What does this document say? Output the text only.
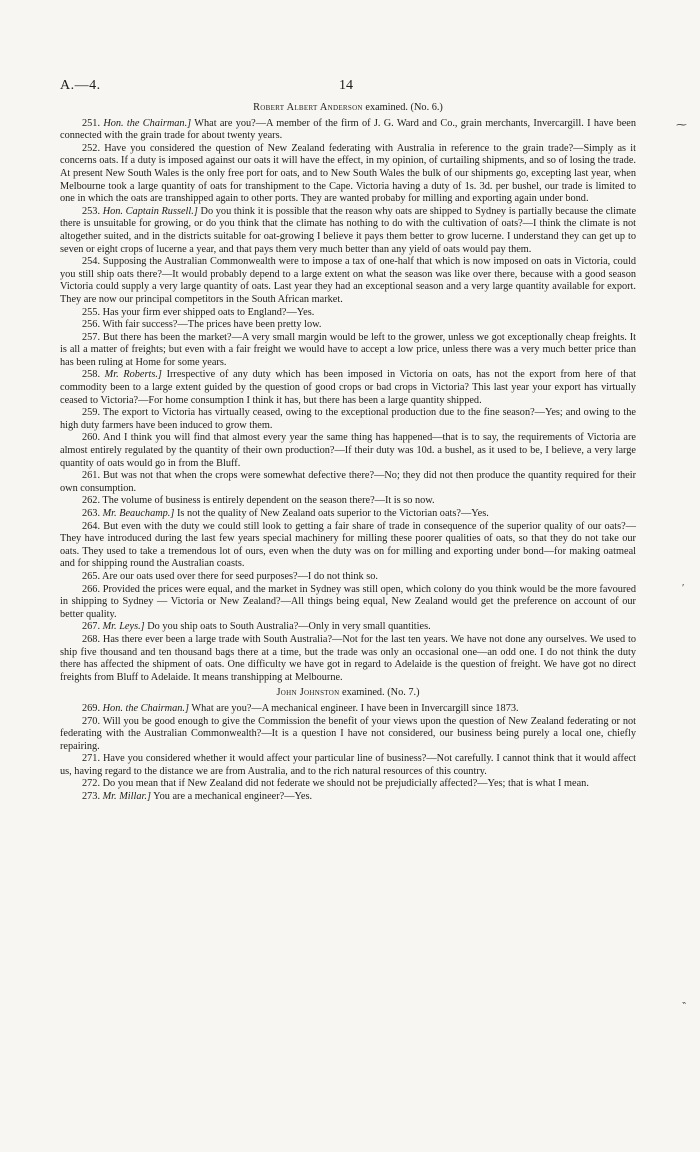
A.—4.	14
Robert Albert Anderson examined. (No. 6.)

251. Hon. the Chairman.] What are you?—A member of the firm of J. G. Ward and Co., grain merchants, Invercargill. I have been connected with the grain trade for about twenty years.

252. Have you considered the question of New Zealand federating with Australia in reference to the grain trade?—Simply as it concerns oats. If a duty is imposed against our oats it will have the effect, in my opinion, of curtailing shipments, and so of losing the trade. At present New South Wales is the only free port for oats, and to New South Wales the bulk of our shipments go, excepting last year, when Melbourne took a large quantity of oats for transhipment to the Cape. Victoria having a duty of 1s. 3d. per bushel, our trade is limited to one in which the oats are transhipped again to other ports. They are wanted probaby for milling and exporting again under bond.

253. Hon. Captain Russell.] Do you think it is possible that the reason why oats are shipped to Sydney is partially because the climate there is unsuitable for growing, or do you think that the climate has nothing to do with the cultivation of oats?—I think the climate is not altogether suited, and in the districts suitable for oat-growing I believe it pays them better to grow lucerne. I understand they can get up to seven or eight crops of lucerne a year, and that pays them very much better than any yield of oats would pay them.

254. Supposing the Australian Commonwealth were to impose a tax of one-half that which is now imposed on oats in Victoria, could you still ship oats there?—It would probably depend to a large extent on what the season was like over there, because with a good season Victoria could supply a very large quantity of oats. Last year they had an exceptional season and a very large quantity available for export. They are now our principal competitors in the South African market.

255. Has your firm ever shipped oats to England?—Yes.

256. With fair success?—The prices have been pretty low.

257. But there has been the market?—A very small margin would be left to the grower, unless we got exceptionally cheap freights. It is all a matter of freights; but even with a fair freight we would have to accept a low price, unless there was a very much better price than has been ruling at Home for some years.

258. Mr. Roberts.] Irrespective of any duty which has been imposed in Victoria on oats, has not the export from here of that commodity been to a large extent guided by the question of good crops or bad crops in Victoria? This last year your export has virtually ceased to Victoria?—For home consumption I think it has, but there has been a large quantity shipped.

259. The export to Victoria has virtually ceased, owing to the exceptional production due to the fine season?—Yes; and owing to the high duty farmers have been induced to grow them.

260. And I think you will find that almost every year the same thing has happened—that is to say, the requirements of Victoria are almost entirely regulated by the quantity of their own production?—If their duty was 10d. a bushel, as it used to be, I believe, a very large quantity of oats would go in from the Bluff.

261. But was not that when the crops were somewhat defective there?—No; they did not then produce the quantity required for their own consumption.

262. The volume of business is entirely dependent on the season there?—It is so now.

263. Mr. Beauchamp.] Is not the quality of New Zealand oats superior to the Victorian oats?—Yes.

264. But even with the duty we could still look to getting a fair share of trade in consequence of the superior quality of our oats?—They have introduced during the last few years special machinery for milling these poorer qualities of oats, so that they do not take our oats. They used to take a tremendous lot of ours, even when the duty was on for milling and exporting under bond—for making oatmeal and for shipping round the Australian coasts.

265. Are our oats used over there for seed purposes?—I do not think so.

266. Provided the prices were equal, and the market in Sydney was still open, which colony do you think would be the more favoured in shipping to Sydney — Victoria or New Zealand?—All things being equal, New Zealand would get the preference on account of our better quality.

267. Mr. Leys.] Do you ship oats to South Australia?—Only in very small quantities.

268. Has there ever been a large trade with South Australia?—Not for the last ten years. We have not done any ourselves. We used to ship five thousand and ten thousand bags there at a time, but the trade was only an occasional one—an odd one. I do not think the duty there has affected the shipment of oats. One difficulty we have got in regard to Adelaide is the question of freight. We have got no direct freights from Bluff to Adelaide. It means transhipping at Melbourne.

John Johnston examined. (No. 7.)

269. Hon. the Chairman.] What are you?—A mechanical engineer. I have been in Invercargill since 1873.

270. Will you be good enough to give the Commission the benefit of your views upon the question of New Zealand federating or not federating with the Australian Commonwealth?—It is a question I have not considered, our business being purely a local one, chiefly repairing.

271. Have you considered whether it would affect your particular line of business?—Not carefully. I cannot think that it would affect us, having regard to the distance we are from Australia, and to the rich natural resources of this country.

272. Do you mean that if New Zealand did not federate we should not be prejudicially affected?—Yes; that is what I mean.

273. Mr. Millar.] You are a mechanical engineer?—Yes.

⁓
′
‶
